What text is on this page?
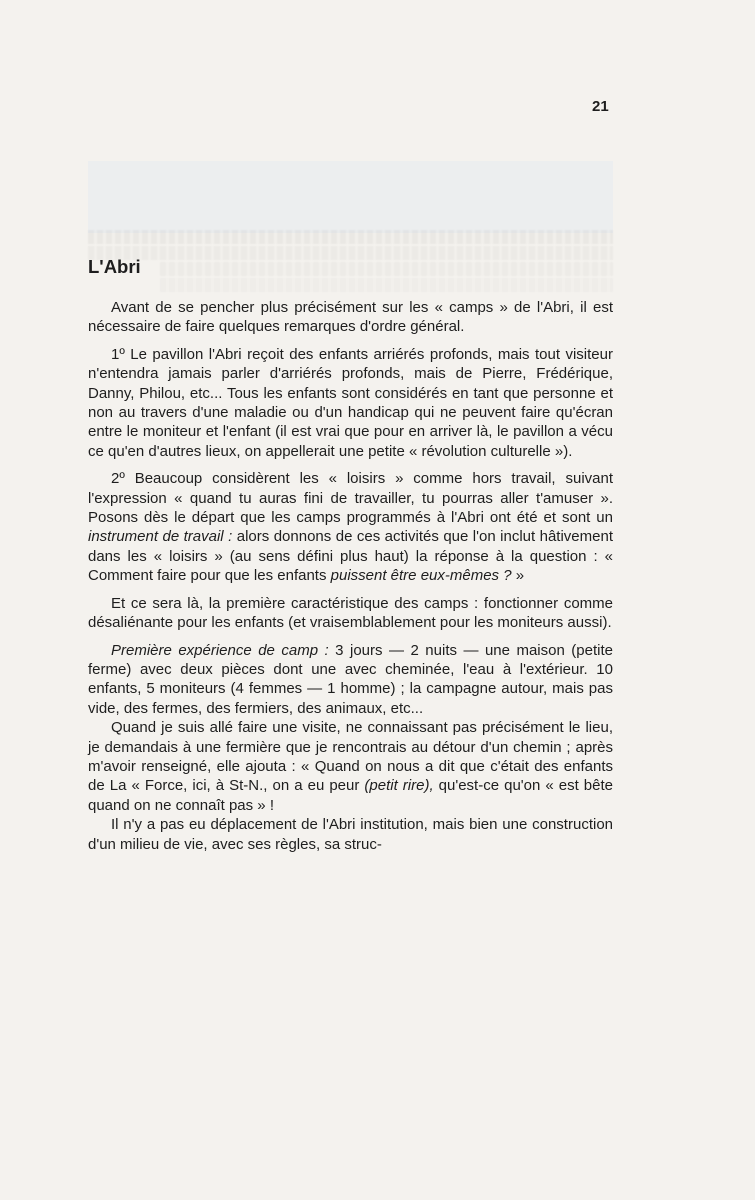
21
L'Abri

Avant de se pencher plus précisément sur les « camps » de l'Abri, il est nécessaire de faire quelques remarques d'ordre général.

1º Le pavillon l'Abri reçoit des enfants arriérés profonds, mais tout visiteur n'entendra jamais parler d'arriérés profonds, mais de Pierre, Frédérique, Danny, Philou, etc... Tous les enfants sont considérés en tant que personne et non au travers d'une maladie ou d'un handicap qui ne peuvent faire qu'écran entre le moniteur et l'enfant (il est vrai que pour en arriver là, le pavillon a vécu ce qu'en d'autres lieux, on appellerait une petite « révolution culturelle »).

2º Beaucoup considèrent les « loisirs » comme hors travail, suivant l'expression « quand tu auras fini de travailler, tu pourras aller t'amuser ». Posons dès le départ que les camps programmés à l'Abri ont été et sont un instrument de travail : alors donnons de ces activités que l'on inclut hâtivement dans les « loisirs » (au sens défini plus haut) la réponse à la question : « Comment faire pour que les enfants puissent être eux-mêmes ? »

Et ce sera là, la première caractéristique des camps : fonctionner comme désaliénante pour les enfants (et vraisemblablement pour les moniteurs aussi).

Première expérience de camp : 3 jours — 2 nuits — une maison (petite ferme) avec deux pièces dont une avec cheminée, l'eau à l'extérieur. 10 enfants, 5 moniteurs (4 femmes — 1 homme) ; la campagne autour, mais pas vide, des fermes, des fermiers, des animaux, etc...

Quand je suis allé faire une visite, ne connaissant pas précisément le lieu, je demandais à une fermière que je rencontrais au détour d'un chemin ; après m'avoir renseigné, elle ajouta : « Quand on nous a dit que c'était des enfants de La « Force, ici, à St-N., on a eu peur (petit rire), qu'est-ce qu'on « est bête quand on ne connaît pas » !

Il n'y a pas eu déplacement de l'Abri institution, mais bien une construction d'un milieu de vie, avec ses règles, sa struc-
